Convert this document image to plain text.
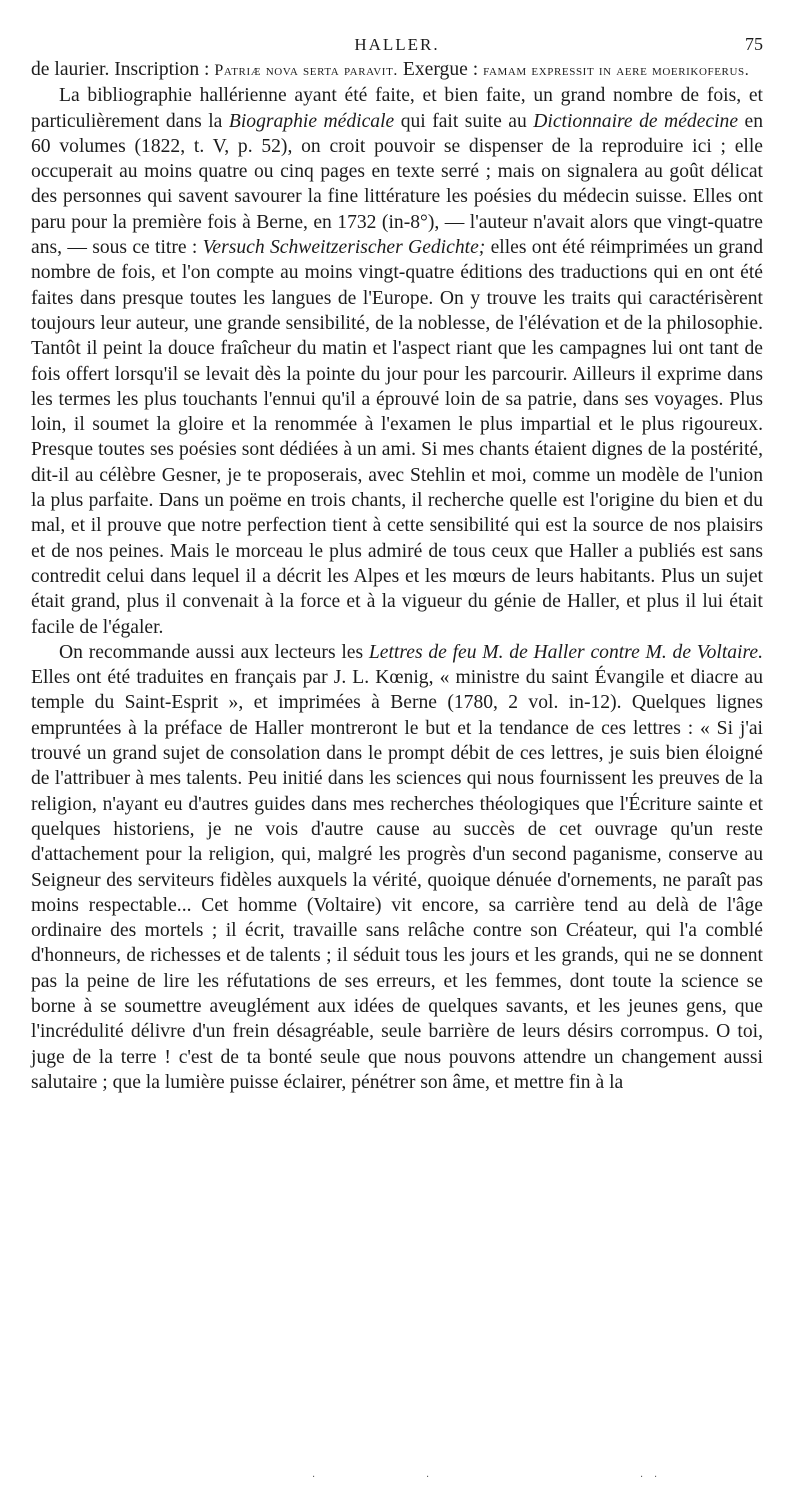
HALLER.	75

de laurier. Inscription : Patriæ nova serta paravit. Exergue : famam expressit in aere moerikoferus.

La bibliographie hallérienne ayant été faite, et bien faite, un grand nombre de fois, et particulièrement dans la Biographie médicale qui fait suite au Dictionnaire de médecine en 60 volumes (1822, t. V, p. 52), on croit pouvoir se dispenser de la reproduire ici ; elle occuperait au moins quatre ou cinq pages en texte serré ; mais on signalera au goût délicat des personnes qui savent savourer la fine littérature les poésies du médecin suisse. Elles ont paru pour la première fois à Berne, en 1732 (in-8°), — l'auteur n'avait alors que vingt-quatre ans, — sous ce titre : Versuch Schweitzerischer Gedichte; elles ont été réimprimées un grand nombre de fois, et l'on compte au moins vingt-quatre éditions des traductions qui en ont été faites dans presque toutes les langues de l'Europe. On y trouve les traits qui caractérisèrent toujours leur auteur, une grande sensibilité, de la noblesse, de l'élévation et de la philosophie. Tantôt il peint la douce fraîcheur du matin et l'aspect riant que les campagnes lui ont tant de fois offert lorsqu'il se levait dès la pointe du jour pour les parcourir. Ailleurs il exprime dans les termes les plus touchants l'ennui qu'il a éprouvé loin de sa patrie, dans ses voyages. Plus loin, il soumet la gloire et la renommée à l'examen le plus impartial et le plus rigoureux. Presque toutes ses poésies sont dédiées à un ami. Si mes chants étaient dignes de la postérité, dit-il au célèbre Gesner, je te proposerais, avec Stehlin et moi, comme un modèle de l'union la plus parfaite. Dans un poëme en trois chants, il recherche quelle est l'origine du bien et du mal, et il prouve que notre perfection tient à cette sensibilité qui est la source de nos plaisirs et de nos peines. Mais le morceau le plus admiré de tous ceux que Haller a publiés est sans contredit celui dans lequel il a décrit les Alpes et les mœurs de leurs habitants. Plus un sujet était grand, plus il convenait à la force et à la vigueur du génie de Haller, et plus il lui était facile de l'égaler.

On recommande aussi aux lecteurs les Lettres de feu M. de Haller contre M. de Voltaire. Elles ont été traduites en français par J. L. Kœnig, « ministre du saint Évangile et diacre au temple du Saint-Esprit », et imprimées à Berne (1780, 2 vol. in-12). Quelques lignes empruntées à la préface de Haller montreront le but et la tendance de ces lettres : « Si j'ai trouvé un grand sujet de consolation dans le prompt débit de ces lettres, je suis bien éloigné de l'attribuer à mes talents. Peu initié dans les sciences qui nous fournissent les preuves de la religion, n'ayant eu d'autres guides dans mes recherches théologiques que l'Écriture sainte et quelques historiens, je ne vois d'autre cause au succès de cet ouvrage qu'un reste d'attachement pour la religion, qui, malgré les progrès d'un second paganisme, conserve au Seigneur des serviteurs fidèles auxquels la vérité, quoique dénuée d'ornements, ne paraît pas moins respectable... Cet homme (Voltaire) vit encore, sa carrière tend au delà de l'âge ordinaire des mortels ; il écrit, travaille sans relâche contre son Créateur, qui l'a comblé d'honneurs, de richesses et de talents ; il séduit tous les jours et les grands, qui ne se donnent pas la peine de lire les réfutations de ses erreurs, et les femmes, dont toute la science se borne à se soumettre aveuglément aux idées de quelques savants, et les jeunes gens, que l'incrédulité délivre d'un frein désagréable, seule barrière de leurs désirs corrompus. O toi, juge de la terre ! c'est de ta bonté seule que nous pouvons attendre un changement aussi salutaire ; que la lumière puisse éclairer, pénétrer son âme, et mettre fin à la

·	·	· ·
